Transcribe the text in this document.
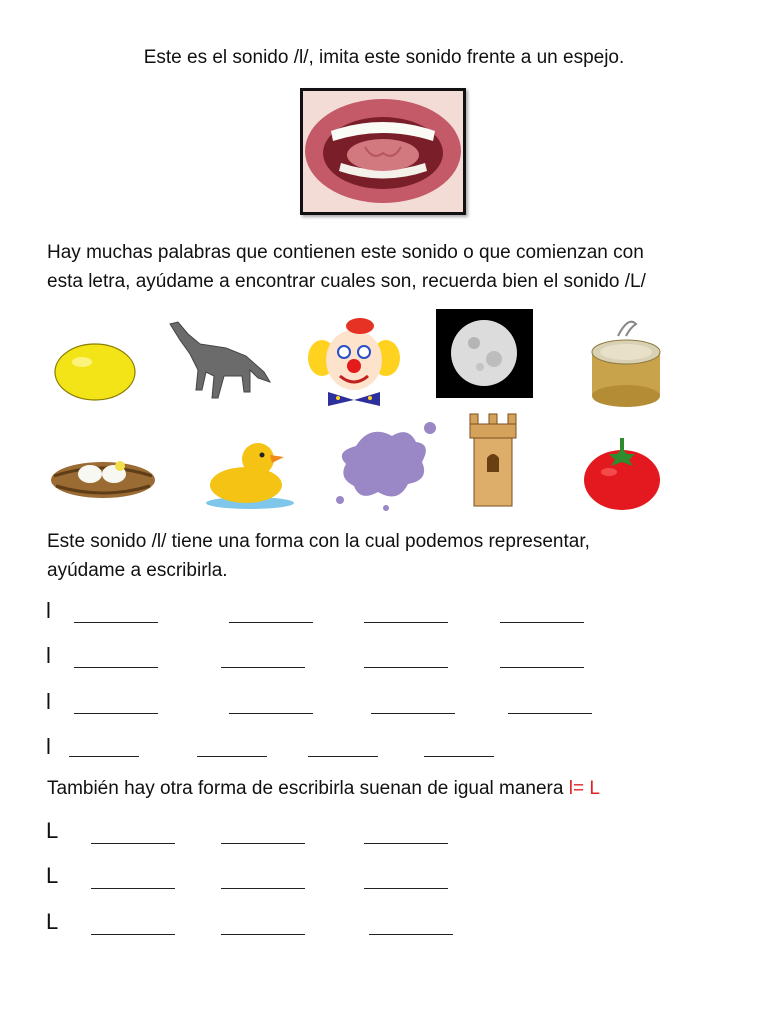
Este es el sonido /l/, imita este sonido frente a un espejo.
Hay muchas palabras que contienen este sonido o que comienzan con
esta letra, ayúdame a encontrar cuales son, recuerda bien el sonido /L/
Este sonido /l/ tiene una forma con la cual podemos representar,
ayúdame a escribirla.
l
l
l
l
También hay otra forma de escribirla suenan de igual manera l= L
L
L
L
